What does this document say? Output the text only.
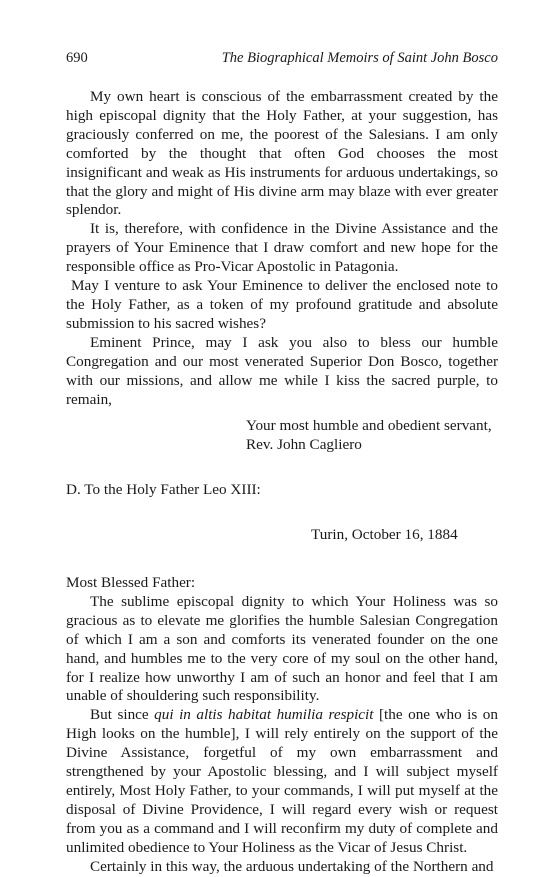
690	The Biographical Memoirs of Saint John Bosco

My own heart is conscious of the embarrassment created by the high episcopal dignity that the Holy Father, at your suggestion, has graciously conferred on me, the poorest of the Salesians. I am only comforted by the thought that often God chooses the most insignificant and weak as His instruments for arduous undertakings, so that the glory and might of His divine arm may blaze with ever greater splendor.

It is, therefore, with confidence in the Divine Assistance and the prayers of Your Eminence that I draw comfort and new hope for the responsible office as Pro-Vicar Apostolic in Patagonia.

May I venture to ask Your Eminence to deliver the enclosed note to the Holy Father, as a token of my profound gratitude and absolute submission to his sacred wishes?

Eminent Prince, may I ask you also to bless our humble Congregation and our most venerated Superior Don Bosco, together with our missions, and allow me while I kiss the sacred purple, to remain,

Your most humble and obedient servant,
Rev. John Cagliero
D. To the Holy Father Leo XIII:
Turin, October 16, 1884
Most Blessed Father:

The sublime episcopal dignity to which Your Holiness was so gracious as to elevate me glorifies the humble Salesian Congregation of which I am a son and comforts its venerated founder on the one hand, and humbles me to the very core of my soul on the other hand, for I realize how unworthy I am of such an honor and feel that I am unable of shouldering such responsibility.

But since qui in altis habitat humilia respicit [the one who is on High looks on the humble], I will rely entirely on the support of the Divine Assistance, forgetful of my own embarrassment and strengthened by your Apostolic blessing, and I will subject myself entirely, Most Holy Father, to your commands, I will put myself at the disposal of Divine Providence, I will regard every wish or request from you as a command and I will reconfirm my duty of complete and unlimited obedience to Your Holiness as the Vicar of Jesus Christ.

Certainly in this way, the arduous undertaking of the Northern and
